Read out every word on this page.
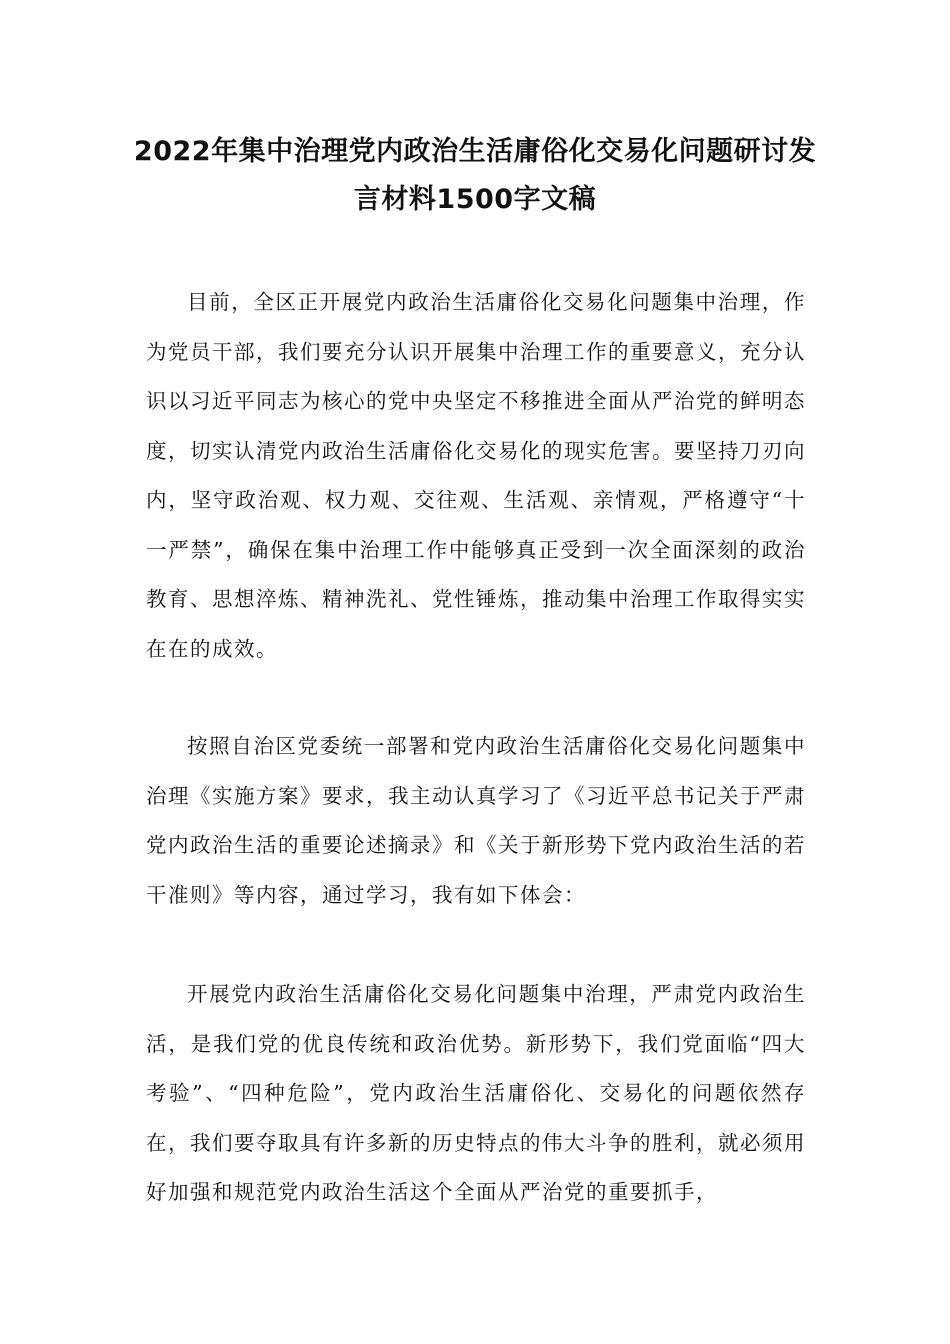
2022年集中治理党内政治生活庸俗化交易化问题研讨发言材料1500字文稿

目前，全区正开展党内政治生活庸俗化交易化问题集中治理，作为党员干部，我们要充分认识开展集中治理工作的重要意义，充分认识以习近平同志为核心的党中央坚定不移推进全面从严治党的鲜明态度，切实认清党内政治生活庸俗化交易化的现实危害。要坚持刀刃向内，坚守政治观、权力观、交往观、生活观、亲情观，严格遵守“十一严禁”，确保在集中治理工作中能够真正受到一次全面深刻的政治教育、思想淬炼、精神洗礼、党性锤炼，推动集中治理工作取得实实在在的成效。

按照自治区党委统一部署和党内政治生活庸俗化交易化问题集中治理《实施方案》要求，我主动认真学习了《习近平总书记关于严肃党内政治生活的重要论述摘录》和《关于新形势下党内政治生活的若干准则》等内容，通过学习，我有如下体会：

开展党内政治生活庸俗化交易化问题集中治理，严肃党内政治生活，是我们党的优良传统和政治优势。新形势下，我们党面临“四大考验”、“四种危险”，党内政治生活庸俗化、交易化的问题依然存在，我们要夺取具有许多新的历史特点的伟大斗争的胜利，就必须用好加强和规范党内政治生活这个全面从严治党的重要抓手，
